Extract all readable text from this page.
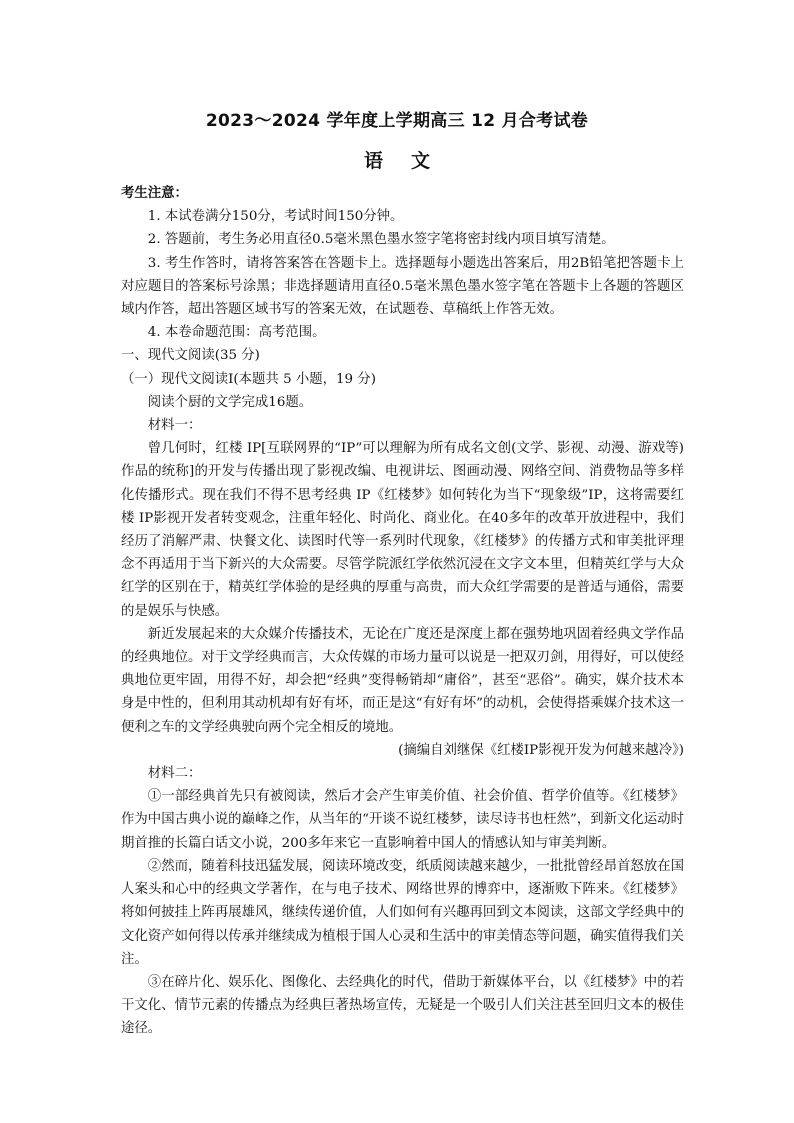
2023～2024 学年度上学期高三 12 月合考试卷
语文

考生注意：

1. 本试卷满分150分，考试时间150分钟。

2. 答题前，考生务必用直径0.5毫米黑色墨水签字笔将密封线内项目填写清楚。

3. 考生作答时，请将答案答在答题卡上。选择题每小题选出答案后，用2B铅笔把答题卡上对应题目的答案标号涂黑；非选择题请用直径0.5毫米黑色墨水签字笔在答题卡上各题的答题区域内作答，超出答题区域书写的答案无效，在试题卷、草稿纸上作答无效。

4. 本卷命题范围：高考范围。

一、现代文阅读(35 分)

（一）现代文阅读I(本题共 5 小题，19 分)

阅读个厨的文学完成16题。

材料一：

曾几何时，红楼 IP[互联网界的“IP”可以理解为所有成名文创(文学、影视、动漫、游戏等)作品的统称]的开发与传播出现了影视改编、电视讲坛、图画动漫、网络空间、消费物品等多样化传播形式。现在我们不得不思考经典 IP《红楼梦》如何转化为当下“现象级”IP，这将需要红楼 IP影视开发者转变观念，注重年轻化、时尚化、商业化。在40多年的改革开放进程中，我们经历了消解严肃、快餐文化、读图时代等一系列时代现象，《红楼梦》的传播方式和审美批评理念不再适用于当下新兴的大众需要。尽管学院派红学依然沉浸在文字文本里，但精英红学与大众红学的区别在于，精英红学体验的是经典的厚重与高贵，而大众红学需要的是普适与通俗，需要的是娱乐与快感。

新近发展起来的大众媒介传播技术，无论在广度还是深度上都在强势地巩固着经典文学作品的经典地位。对于文学经典而言，大众传媒的市场力量可以说是一把双刃剑，用得好，可以使经典地位更牢固，用得不好，却会把“经典”变得畅销却“庸俗”，甚至“恶俗”。确实，媒介技术本身是中性的，但利用其动机却有好有坏，而正是这“有好有坏”的动机，会使得搭乘媒介技术这一便利之车的文学经典驶向两个完全相反的境地。

(摘编自刘继保《红楼IP影视开发为何越来越冷》)

材料二：

①一部经典首先只有被阅读，然后才会产生审美价值、社会价值、哲学价值等。《红楼梦》作为中国古典小说的巅峰之作，从当年的“开谈不说红楼梦，读尽诗书也枉然”，到新文化运动时期首推的长篇白话文小说，200多年来它一直影响着中国人的情感认知与审美判断。

②然而，随着科技迅猛发展，阅读环境改变，纸质阅读越来越少，一批批曾经昂首怒放在国人案头和心中的经典文学著作，在与电子技术、网络世界的博弈中，逐渐败下阵来。《红楼梦》将如何披挂上阵再展雄风，继续传递价值，人们如何有兴趣再回到文本阅读，这部文学经典中的文化资产如何得以传承并继续成为植根于国人心灵和生活中的审美情态等问题，确实值得我们关注。

③在碎片化、娱乐化、图像化、去经典化的时代，借助于新媒体平台，以《红楼梦》中的若干文化、情节元素的传播点为经典巨著热场宣传，无疑是一个吸引人们关注甚至回归文本的极佳途径。
